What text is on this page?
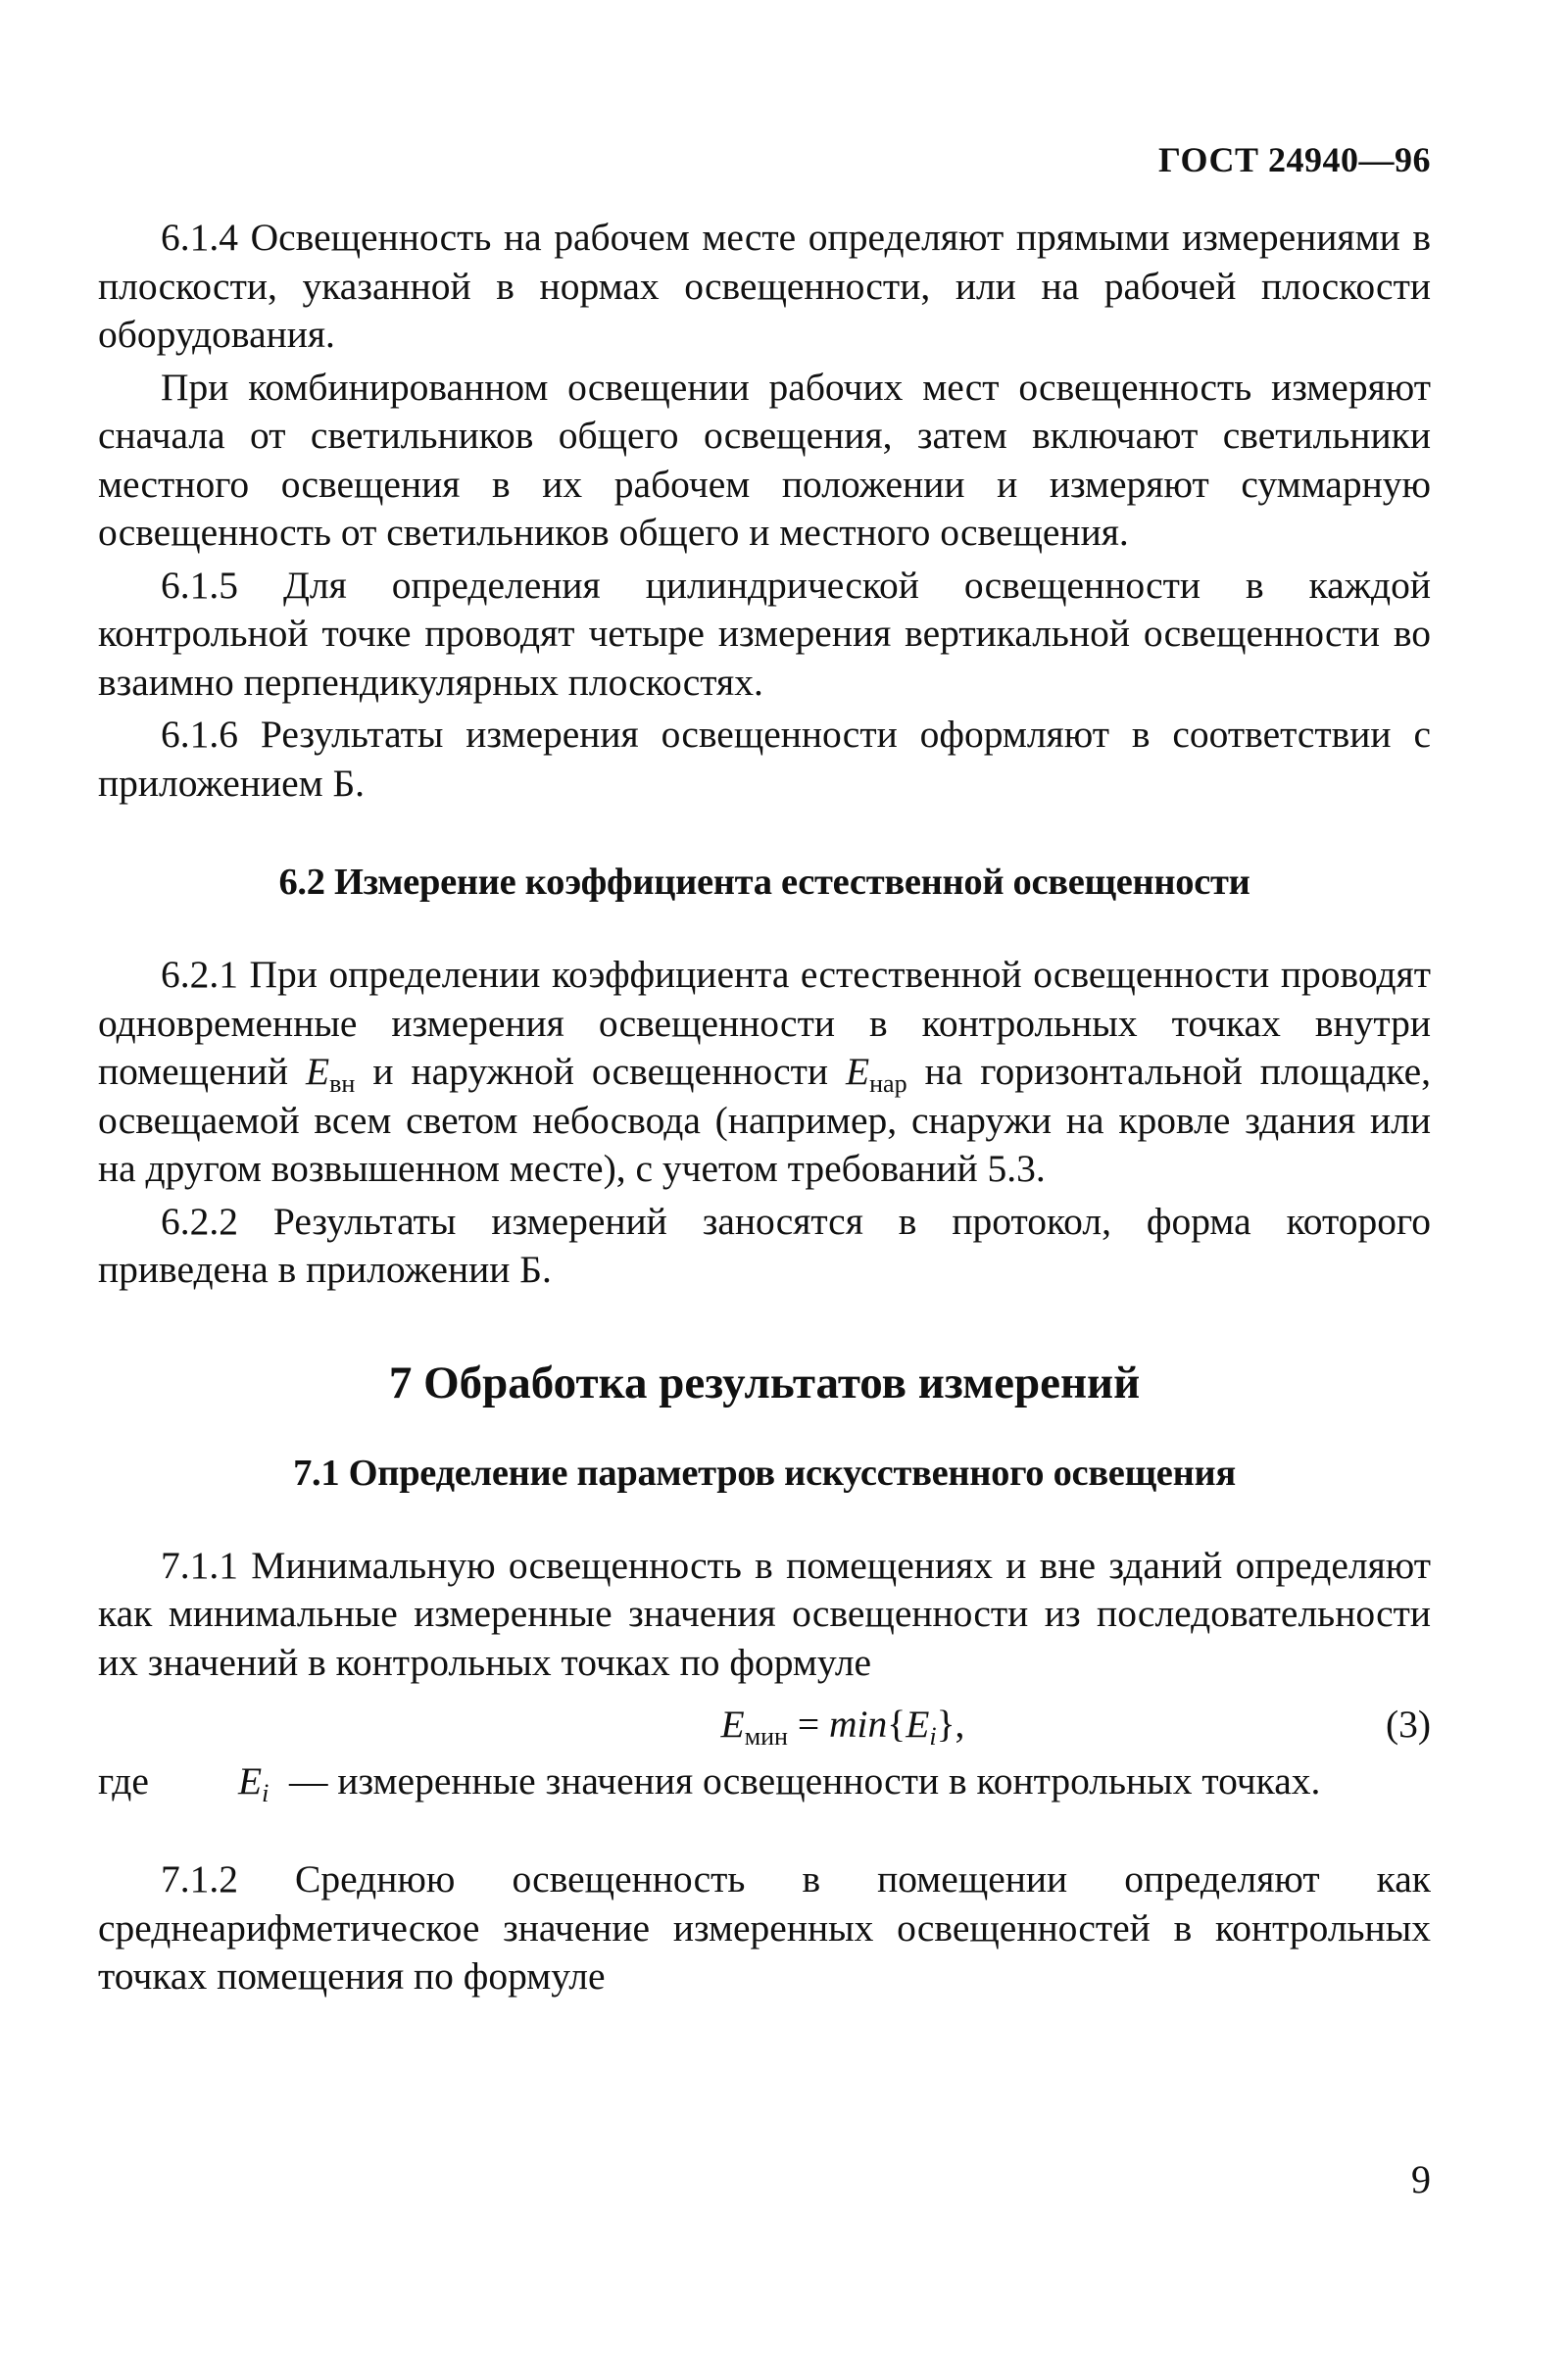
ГОСТ 24940—96

6.1.4 Освещенность на рабочем месте определяют прямыми измерениями в плоскости, указанной в нормах освещенности, или на рабочей плоскости оборудования.

При комбинированном освещении рабочих мест освещенность измеряют сначала от светильников общего освещения, затем включают светильники местного освещения в их рабочем положении и измеряют суммарную освещенность от светильников общего и местного освещения.

6.1.5 Для определения цилиндрической освещенности в каждой контрольной точке проводят четыре измерения вертикальной освещенности во взаимно перпендикулярных плоскостях.

6.1.6 Результаты измерения освещенности оформляют в соответствии с приложением Б.

6.2 Измерение коэффициента естественной освещенности

6.2.1 При определении коэффициента естественной освещенности проводят одновременные измерения освещенности в контрольных точках внутри помещений $E_{вн}$ и наружной освещенности $E_{нар}$ на горизонтальной площадке, освещаемой всем светом небосвода (например, снаружи на кровле здания или на другом возвышенном месте), с учетом требований 5.3.

6.2.2 Результаты измерений заносятся в протокол, форма которого приведена в приложении Б.

7 Обработка результатов измерений
7.1 Определение параметров искусственного освещения

7.1.1 Минимальную освещенность в помещениях и вне зданий определяют как минимальные измеренные значения освещенности из последовательности их значений в контрольных точках по формуле

$E_{мин} = \min\{E_i\}$,	(3)
где $E_i$ — измеренные значения освещенности в контрольных точках.

7.1.2 Среднюю освещенность в помещении определяют как среднеарифметическое значение измеренных освещенностей в контрольных точках помещения по формуле

9
